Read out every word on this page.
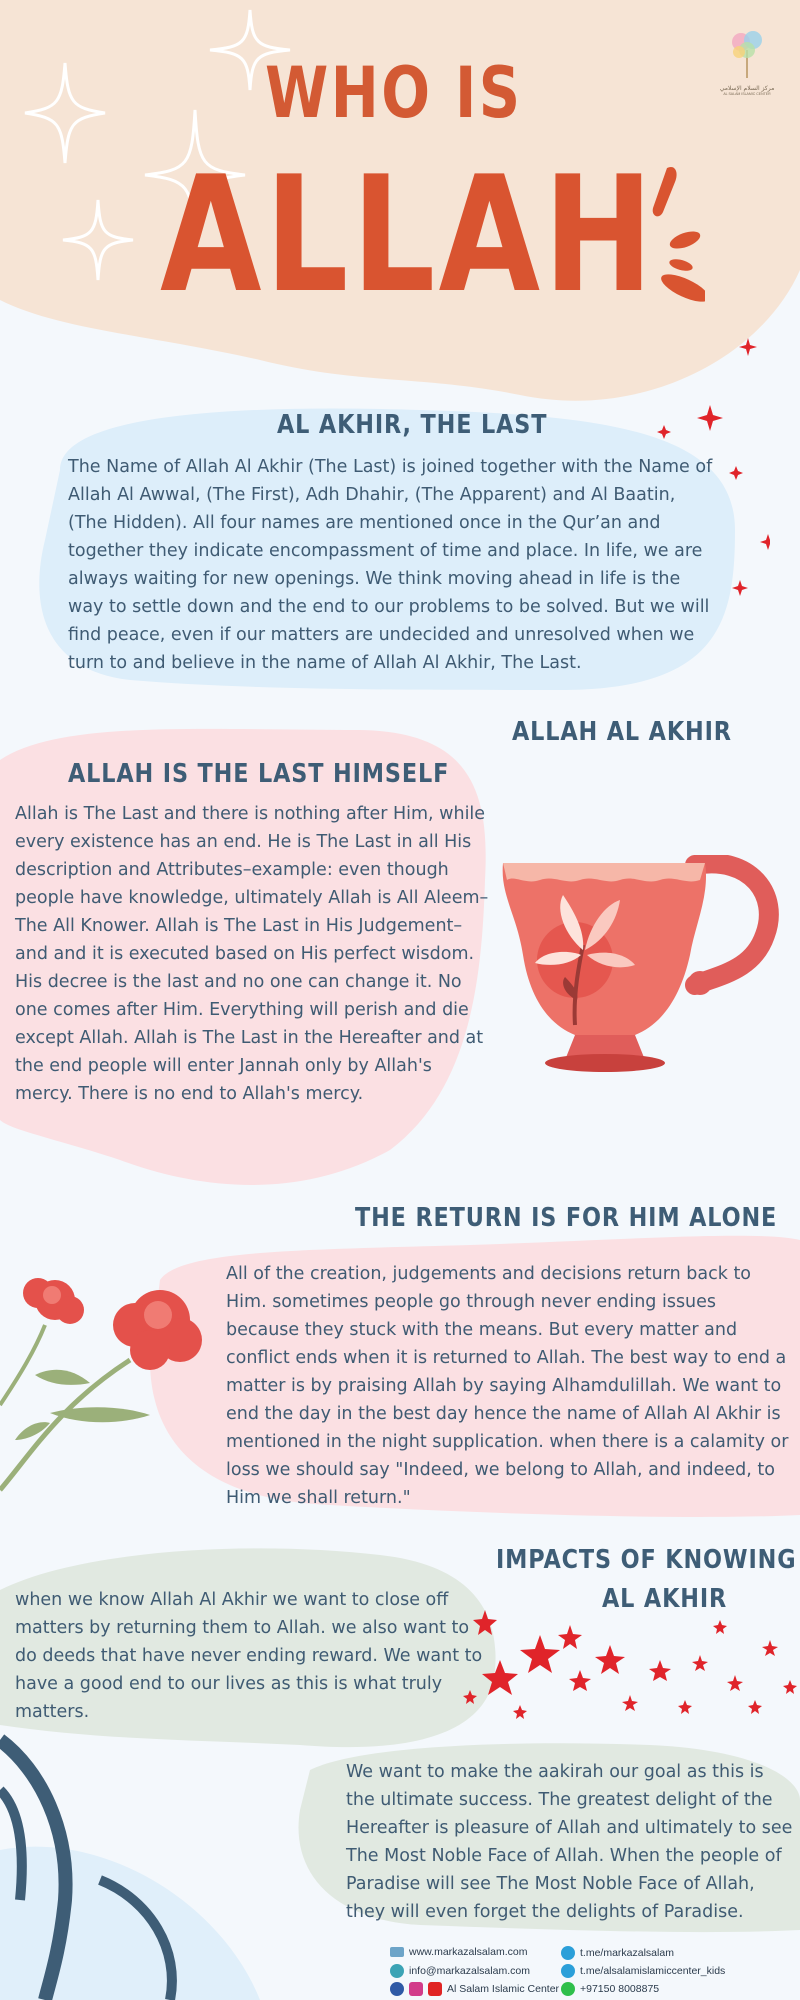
WHO IS
ALLAH
مركز السلام الإسلامي
AL SALAM ISLAMIC CENTER
AL AKHIR, THE LAST

The Name of Allah Al Akhir (The Last) is joined together with the Name of Allah Al Awwal, (The First), Adh Dhahir, (The Apparent) and Al Baatin, (The Hidden). All four names are mentioned once in the Qur’an and together they indicate encompassment of time and place. In life, we are always waiting for new openings. We think moving ahead in life is the way to settle down and the end to our problems to be solved. But we will find peace, even if our matters are undecided and unresolved when we turn to and believe in the name of Allah Al Akhir, The Last.

ALLAH AL AKHIR
ALLAH IS THE LAST HIMSELF

Allah is The Last and there is nothing after Him, while every existence has an end. He is The Last in all His description and Attributes–example: even though people have knowledge, ultimately Allah is All Aleem– The All Knower. Allah is The Last in His Judgement–and and it is executed based on His perfect wisdom. His decree is the last and no one can change it. No one comes after Him. Everything will perish and die except Allah. Allah is The Last in the Hereafter and at the end people will enter Jannah only by Allah's mercy. There is no end to Allah's mercy.

THE RETURN IS FOR HIM ALONE

All of the creation, judgements and decisions return back to Him. sometimes people go through never ending issues because they stuck with the means. But every matter and conflict ends when it is returned to Allah. The best way to end a matter is by praising Allah by saying Alhamdulillah. We want to end the day in the best day hence the name of Allah Al Akhir is mentioned in the night supplication. when there is a calamity or loss we should say "Indeed, we belong to Allah, and indeed, to Him we shall return."

IMPACTS OF KNOWING
AL AKHIR

when we know Allah Al Akhir we want to close off matters by returning them to Allah. we also want to do deeds that have never ending reward. We want to have a good end to our lives as this is what truly matters.

We want to make the aakirah our goal as this is the ultimate success. The greatest delight of the Hereafter is pleasure of Allah and ultimately to see The Most Noble Face of Allah. When the people of Paradise will see The Most Noble Face of Allah, they will even forget the delights of Paradise.

www.markazalsalam.com
info@markazalsalam.com
Al Salam Islamic Center
t.me/markazalsalam
t.me/alsalamislamiccenter_kids
+97150 8008875
